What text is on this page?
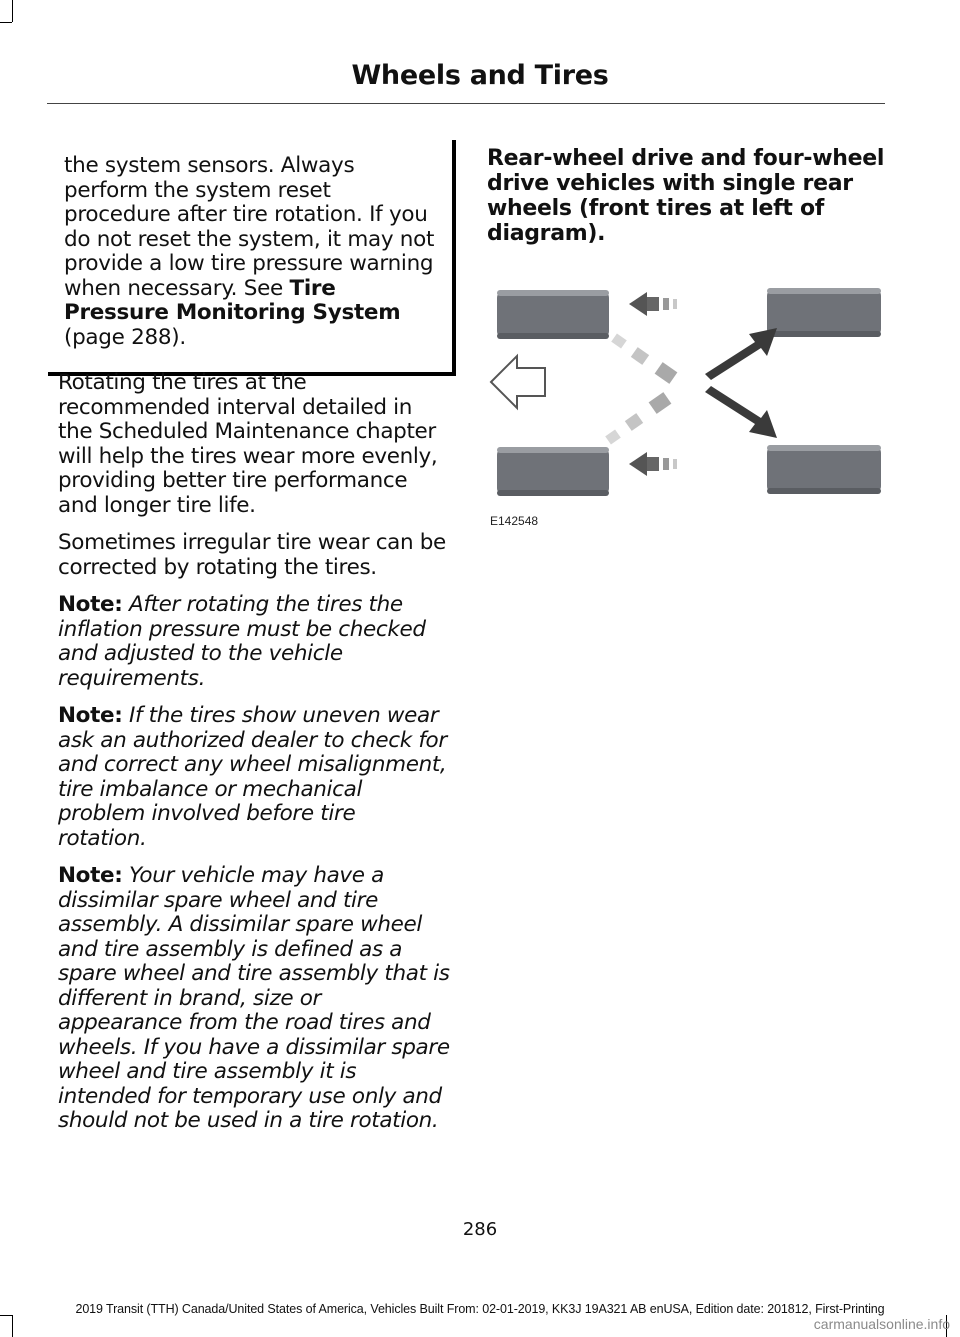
Wheels and Tires
the system sensors. Always perform the system reset procedure after tire rotation. If you do not reset the system, it may not provide a low tire pressure warning when necessary. See Tire Pressure Monitoring System (page 288).

Rotating the tires at the recommended interval detailed in the Scheduled Maintenance chapter will help the tires wear more evenly, providing better tire performance and longer tire life.

Sometimes irregular tire wear can be corrected by rotating the tires.

Note: After rotating the tires the inflation pressure must be checked and adjusted to the vehicle requirements.

Note: If the tires show uneven wear ask an authorized dealer to check for and correct any wheel misalignment, tire imbalance or mechanical problem involved before tire rotation.

Note: Your vehicle may have a dissimilar spare wheel and tire assembly. A dissimilar spare wheel and tire assembly is defined as a spare wheel and tire assembly that is different in brand, size or appearance from the road tires and wheels. If you have a dissimilar spare wheel and tire assembly it is intended for temporary use only and should not be used in a tire rotation.

Rear-wheel drive and four-wheel drive vehicles with single rear wheels (front tires at left of diagram).
E142548
286
2019 Transit (TTH) Canada/United States of America, Vehicles Built From: 02-01-2019, KK3J 19A321 AB enUSA, Edition date: 201812, First-Printing
carmanualsonline.info
